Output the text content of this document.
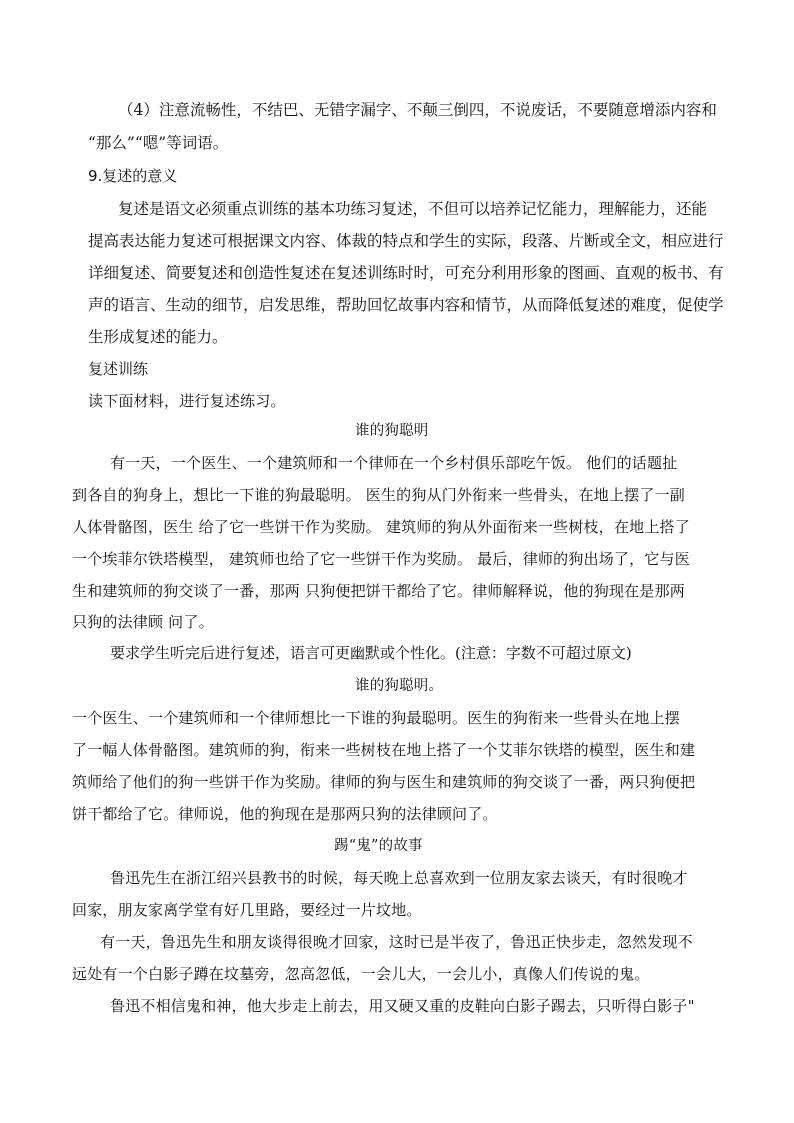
（4）注意流畅性，不结巴、无错字漏字、不颠三倒四，不说废话，不要随意增添内容和
“那么”“嗯”等词语。
9.复述的意义
复述是语文必须重点训练的基本功练习复述，不但可以培养记忆能力，理解能力，还能
提高表达能力复述可根据课文内容、体裁的特点和学生的实际，段落、片断或全文，相应进行
详细复述、简要复述和创造性复述在复述训练时时，可充分利用形象的图画、直观的板书、有
声的语言、生动的细节，启发思维，帮助回忆故事内容和情节，从而降低复述的难度，促使学
生形成复述的能力。
复述训练
读下面材料，进行复述练习。
谁的狗聪明
有一天，一个医生、一个建筑师和一个律师在一个乡村俱乐部吃午饭。 他们的话题扯
到各自的狗身上，想比一下谁的狗最聪明。 医生的狗从门外衔来一些骨头，在地上摆了一副
人体骨骼图，医生 给了它一些饼干作为奖励。 建筑师的狗从外面衔来一些树枝，在地上搭了
一个埃菲尔铁塔模型， 建筑师也给了它一些饼干作为奖励。 最后，律师的狗出场了，它与医
生和建筑师的狗交谈了一番，那两 只狗便把饼干都给了它。律师解释说，他的狗现在是那两
只狗的法律顾 问了。
要求学生听完后进行复述，语言可更幽默或个性化。(注意：字数不可超过原文)
谁的狗聪明。
一个医生、一个建筑师和一个律师想比一下谁的狗最聪明。医生的狗衔来一些骨头在地上摆
了一幅人体骨骼图。建筑师的狗，衔来一些树枝在地上搭了一个艾菲尔铁塔的模型，医生和建
筑师给了他们的狗一些饼干作为奖励。律师的狗与医生和建筑师的狗交谈了一番，两只狗便把
饼干都给了它。律师说，他的狗现在是那两只狗的法律顾问了。
踢“鬼”的故事
鲁迅先生在浙江绍兴县教书的时候，每天晚上总喜欢到一位朋友家去谈天，有时很晚才
回家，朋友家离学堂有好几里路，要经过一片坟地。
有一天，鲁迅先生和朋友谈得很晚才回家，这时已是半夜了，鲁迅正快步走，忽然发现不
远处有一个白影子蹲在坟墓旁，忽高忽低，一会儿大，一会儿小，真像人们传说的鬼。
鲁迅不相信鬼和神，他大步走上前去，用又硬又重的皮鞋向白影子踢去，只听得白影子"
